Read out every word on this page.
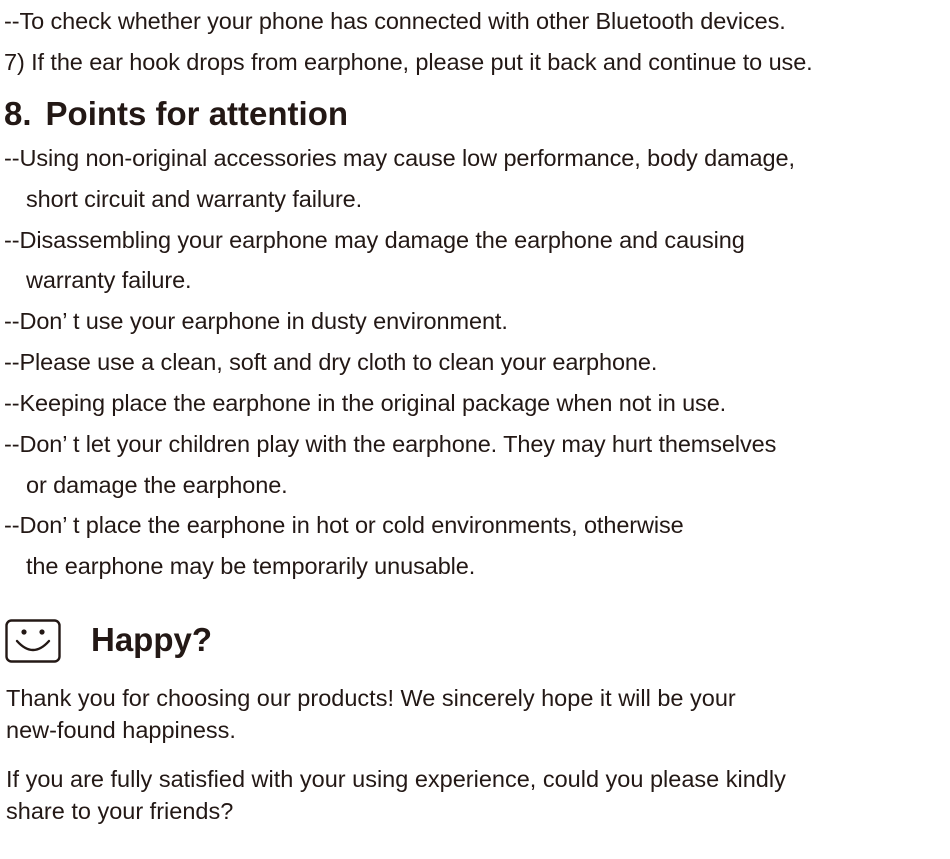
--To check whether your phone has connected with other Bluetooth devices.
7) If the ear hook drops from earphone, please put it back and continue to use.
8. Points for attention
--Using non-original accessories may cause low performance, body damage,
short circuit and warranty failure.
--Disassembling your earphone may damage the earphone and causing
warranty failure.
--Don’ t use your earphone in dusty environment.
--Please use a clean, soft and dry cloth to clean your earphone.
--Keeping place the earphone in the original package when not in use.
--Don’ t let your children play with the earphone. They may hurt themselves
or damage the earphone.
--Don’ t place the earphone in hot or cold environments, otherwise
the earphone may be temporarily unusable.
Happy?
Thank you for choosing our products! We sincerely hope it will be your
new-found happiness.
If you are fully satisfied with your using experience, could you please kindly
share to your friends?
